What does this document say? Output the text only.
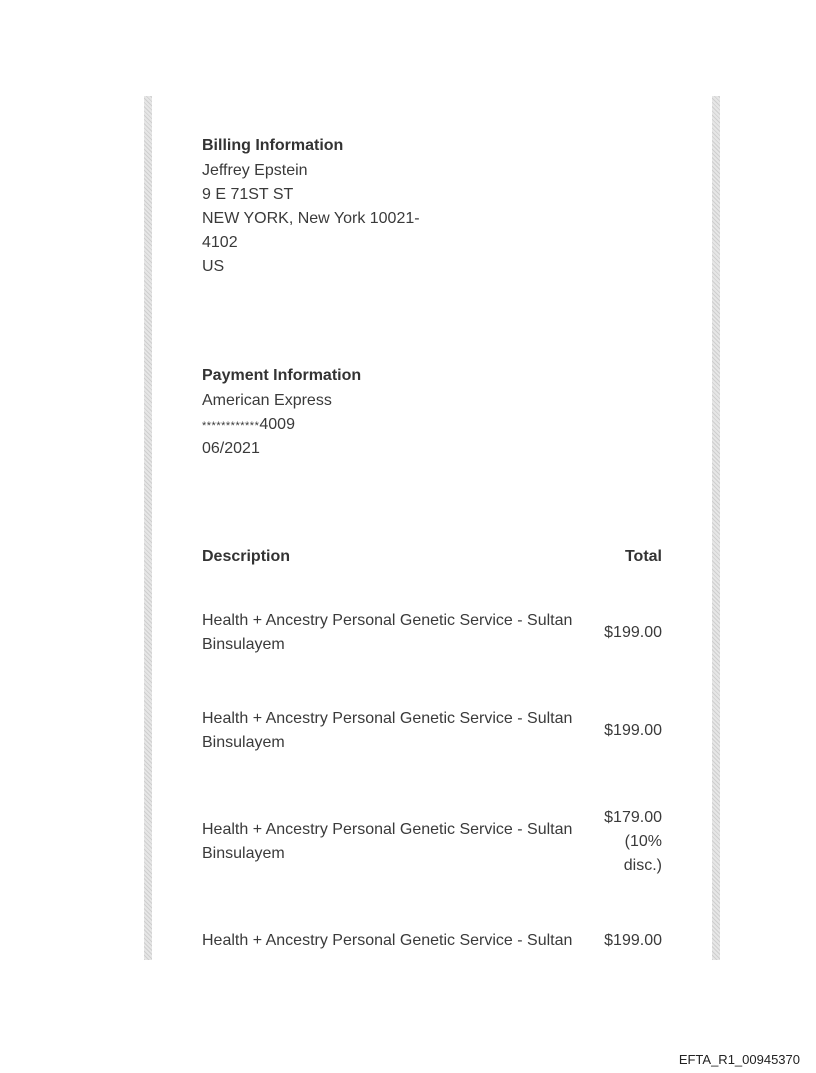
Billing Information
Jeffrey Epstein
9 E 71ST ST
NEW YORK, New York 10021-
4102
US
Payment Information
American Express
************4009
06/2021
Description	Total
Health + Ancestry Personal Genetic Service - Sultan
Binsulayem
$199.00
Health + Ancestry Personal Genetic Service - Sultan
Binsulayem
$199.00
Health + Ancestry Personal Genetic Service - Sultan
Binsulayem
$179.00
(10%
disc.)
Health + Ancestry Personal Genetic Service - Sultan	$199.00
EFTA_R1_00945370
